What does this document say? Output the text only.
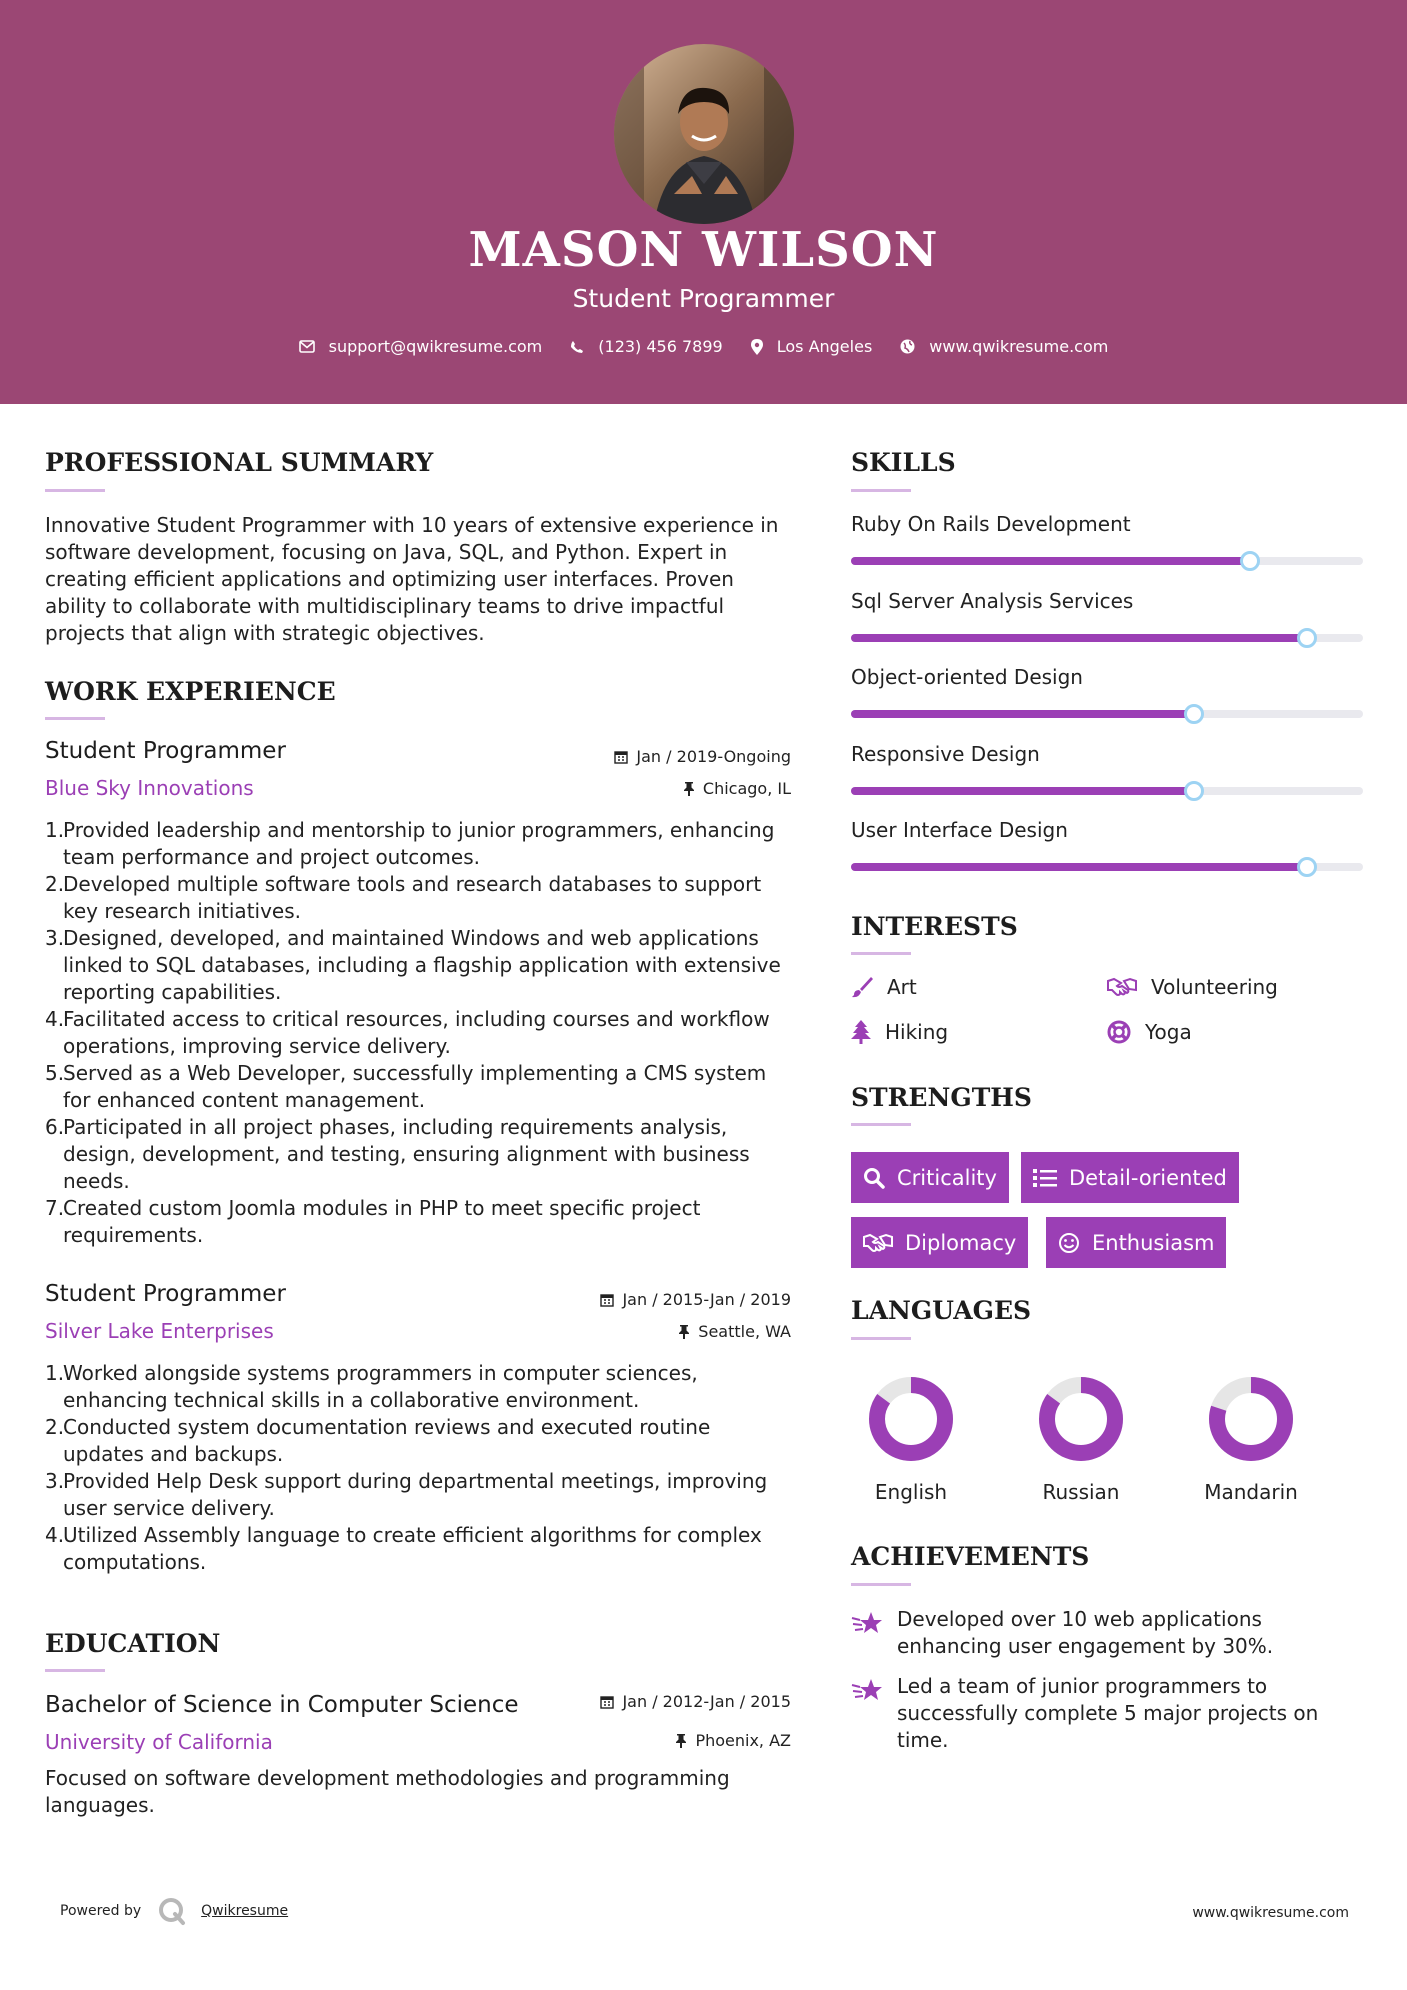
MASON WILSON
Student Programmer
support@qwikresume.com	(123) 456 7899	Los Angeles	www.qwikresume.com
PROFESSIONAL SUMMARY
Innovative Student Programmer with 10 years of extensive experience in software development, focusing on Java, SQL, and Python. Expert in creating efficient applications and optimizing user interfaces. Proven ability to collaborate with multidisciplinary teams to drive impactful projects that align with strategic objectives.
WORK EXPERIENCE
Student Programmer	Jan / 2019-Ongoing
Blue Sky Innovations	Chicago, IL
1.
Provided leadership and mentorship to junior programmers, enhancing team performance and project outcomes.
2.
Developed multiple software tools and research databases to support key research initiatives.
3.
Designed, developed, and maintained Windows and web applications linked to SQL databases, including a flagship application with extensive reporting capabilities.
4.
Facilitated access to critical resources, including courses and workflow operations, improving service delivery.
5.
Served as a Web Developer, successfully implementing a CMS system for enhanced content management.
6.
Participated in all project phases, including requirements analysis, design, development, and testing, ensuring alignment with business needs.
7.
Created custom Joomla modules in PHP to meet specific project requirements.
Student Programmer	Jan / 2015-Jan / 2019
Silver Lake Enterprises	Seattle, WA
1.
Worked alongside systems programmers in computer sciences, enhancing technical skills in a collaborative environment.
2.
Conducted system documentation reviews and executed routine updates and backups.
3.
Provided Help Desk support during departmental meetings, improving user service delivery.
4.
Utilized Assembly language to create efficient algorithms for complex computations.
EDUCATION
Bachelor of Science in Computer Science	Jan / 2012-Jan / 2015
University of California	Phoenix, AZ
Focused on software development methodologies and programming languages.
SKILLS
Ruby On Rails Development
Sql Server Analysis Services
Object-oriented Design
Responsive Design
User Interface Design
INTERESTS
Art	Volunteering
Hiking	Yoga
STRENGTHS
Criticality	Detail-oriented
Diplomacy	Enthusiasm
LANGUAGES
English	Russian	Mandarin
ACHIEVEMENTS
Developed over 10 web applications enhancing user engagement by 30%.
Led a team of junior programmers to successfully complete 5 major projects on time.
Powered by	Qwikresume	www.qwikresume.com
